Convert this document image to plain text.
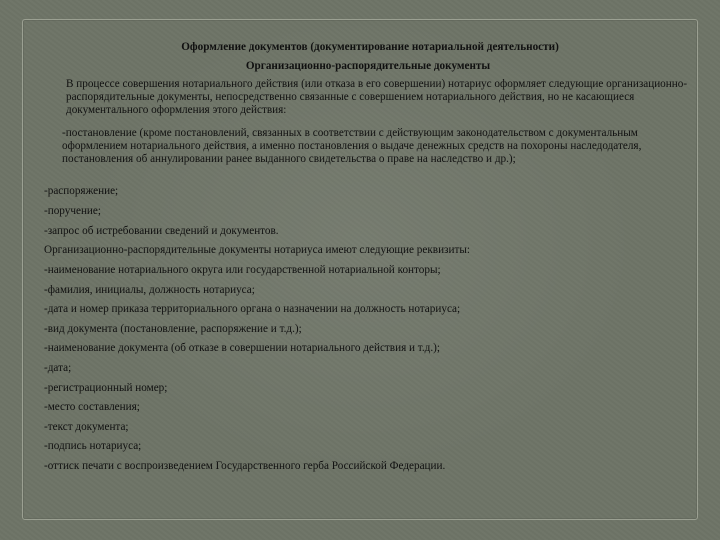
Оформление документов (документирование нотариальной деятельности)
Организационно-распорядительные документы
В процессе совершения нотариального действия (или отказа в его совершении) нотариус оформляет следующие организационно-распорядительные документы, непосредственно связанные с совершением нотариального действия, но не касающиеся документального оформления этого действия:
-постановление (кроме постановлений, связанных в соответствии с действующим законодательством с документальным оформлением нотариального действия, а именно постановления о выдаче денежных средств на похороны наследодателя, постановления об аннулировании ранее выданного свидетельства о праве на наследство и др.);
-распоряжение;
-поручение;
-запрос об истребовании сведений и документов.
Организационно-распорядительные документы нотариуса имеют следующие реквизиты:
-наименование нотариального округа или государственной нотариальной конторы;
-фамилия, инициалы, должность нотариуса;
-дата и номер приказа территориального органа о назначении на должность нотариуса;
-вид документа (постановление, распоряжение и т.д.);
-наименование документа (об отказе в совершении нотариального действия и т.д.);
-дата;
-регистрационный номер;
-место составления;
-текст документа;
-подпись нотариуса;
-оттиск печати с воспроизведением Государственного герба Российской Федерации.
